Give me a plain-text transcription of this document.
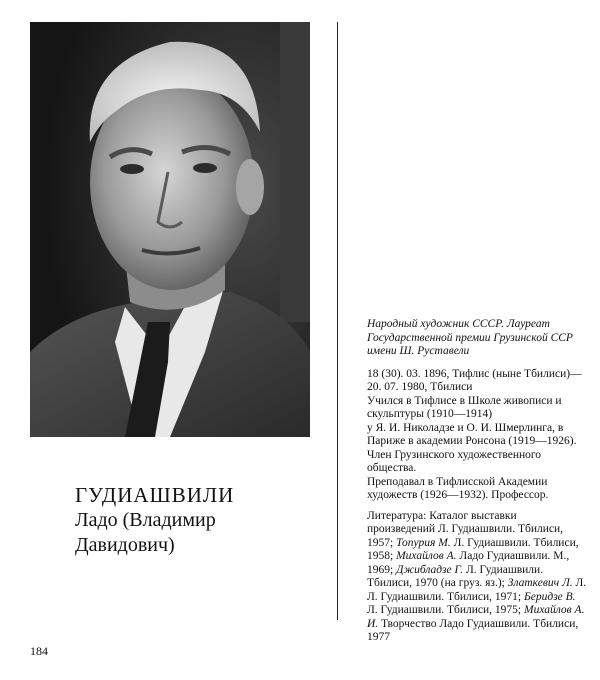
ГУДИАШВИЛИ
Ладо (Владимир
Давидович)

Народный художник СССР. Лауреат Государственной премии Грузинской ССР имени Ш. Руставели

18 (30). 03. 1896, Тифлис (ныне Тбилиси)—20. 07. 1980, Тбилиси
Учился в Тифлисе в Школе живописи и скульптуры (1910—1914)
у Я. И. Николадзе и О. И. Шмерлинга, в Париже в академии Ронсона (1919—1926). Член Грузинского художественного общества.
Преподавал в Тифлисской Академии художеств (1926—1932). Профессор.

Литература: Каталог выставки произведений Л. Гудиашвили. Тбилиси, 1957; Топурия М. Л. Гудиашвили. Тбилиси, 1958; Михайлов А. Ладо Гудиашвили. М., 1969; Джибладзе Г. Л. Гудиашвили. Тбилиси, 1970 (на груз. яз.); Златкевич Л. Л. Л. Гудиашвили. Тбилиси, 1971; Беридзе В. Л. Гудиашвили. Тбилиси, 1975; Михайлов А. И. Творчество Ладо Гудиашвили. Тбилиси, 1977

184
